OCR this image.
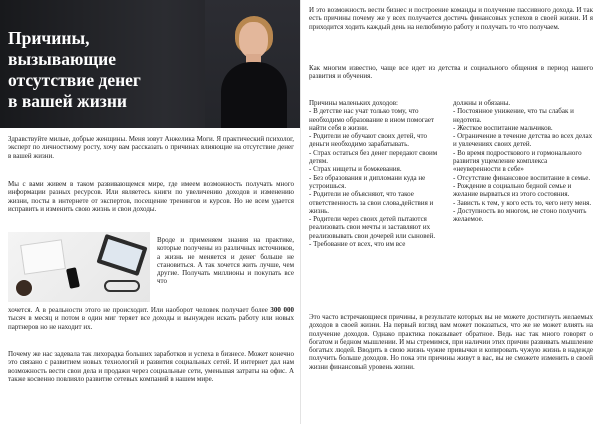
Причины,
вызывающие
отсутствие денег
в вашей жизни

Здравствуйте милые, добрые женщины. Меня зовут Анжелика Моги. Я практический психолог, эксперт по личностному росту, хочу вам рассказать о причинах влияющие на отсутствие денег в вашей жизни.

Мы с вами живем в таком развивающемся мире, где имеем возможность получать много информации разных ресурсов. Или являетесь книги по увеличению доходов и изменению жизни, посты в интернете от экспертов, посещение тренингов и курсов. Но не всем удается исправить и изменить свою жизнь и свои доходы.

Вроде и применяем знания на практике, которые получены из различных источников, а жизнь не меняется и денег больше не становиться. А так хочется жить лучше, чем другие. Получать миллионы и покупать все что

хочется. А в реальности этого не происходит. Или наоборот человек получает более 300 000 тысяч в месяц и потом в один миг теряет все доходы и вынужден искать работу или новых партнеров но не находит их.

Почему же нас задевала так лихорадка больших заработков и успеха в бизнесе. Может конечно это связано с развитием новых технологий и развития социальных сетей. И интернет дал нам возможность вести свои дела и продажи через социальные сети, уменьшая затраты на офис. А также косвенно повлияло развитие сетевых компаний в нашем мире.

И это возможность вести бизнес и построение команды и получение пассивного дохода. И так есть причины почему же у всех получается достичь финансовых успехов в своей жизни. И я приходится ходить каждый день на нелюбимую работу и получать то что получаем.

Как многим известно, чаще все идет из детства и социального общения в период нашего развития и обучения.

Причины маленьких доходов:

- В детстве нас учат только тому, что необходимо образование в ином помогает найти себя в жизни.
- Родители не обучают своих детей, что деньги необходимо зарабатывать.
- Страх остаться без денег передают своим детям.
- Страх нищеты и бомжевания.
- Без образования и дипломани куда не устроишься.
- Родители не объясняют, что такое ответственность за свои слова,действия и жизнь.
- Родители через своих детей пытаются реализовать свои мечты и заставляют их реализовывать свои дочерей или сыновей.
- Требование от всех, что им все
должны и обязаны.
- Постоянное унижение, что ты слабак и недотепа.
- Жесткое воспитание мальчиков.
- Ограничение в течение детства во всех делах и увлечениях своих детей.
- Во время подросткового и гормонального развития ущемление комплекса «неуверенности в себе»
- Отсутствие финансовое воспитание в семье.
- Рождение в социально бедной семье и желание вырваться из этого состояния.
- Зависть к тем, у кого есть то, чего нету меня.
- Доступность во многом, не стоно получить желаемое.

Это часто встречающиеся причины, в результате которых вы не можете достигнуть желаемых доходов в своей жизни. На первый взгляд вам может показаться, что же не может влиять на получение доходов. Однако практика показывает обратное. Ведь нас так много говорят о богатом и бедном мышлении. И мы стремимся, при наличии этих причин развивать мышление богатых людей. Вводить в свою жизнь чужие привычки и копировать чужую жизнь в надежде получить больше доходов. Но пока эти причины живут в вас, вы не сможете изменить в своей жизни финансовый уровень жизни.
